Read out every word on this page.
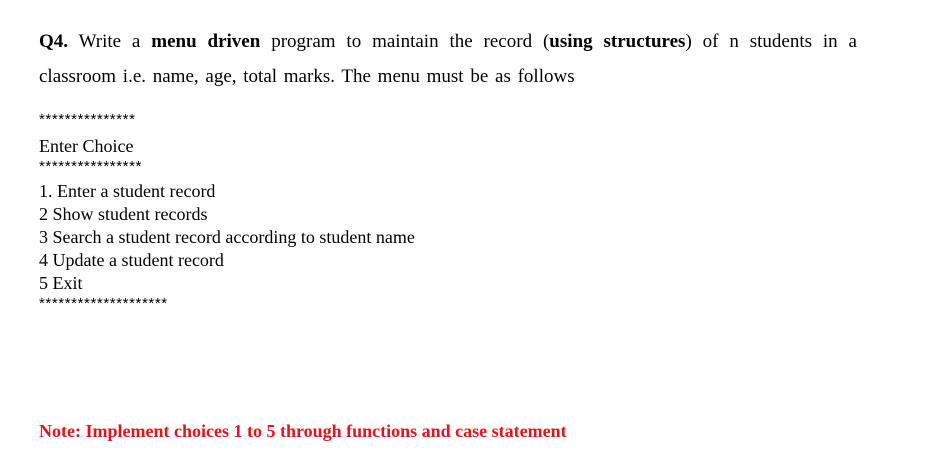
Q4. Write a menu driven program to maintain the record (using structures) of n students in a classroom i.e. name, age, total marks. The menu must be as follows

***************
Enter Choice
****************
1. Enter a student record
2 Show student records
3 Search a student record according to student name
4 Update a student record
5 Exit
********************
Note: Implement choices 1 to 5 through functions and case statement
